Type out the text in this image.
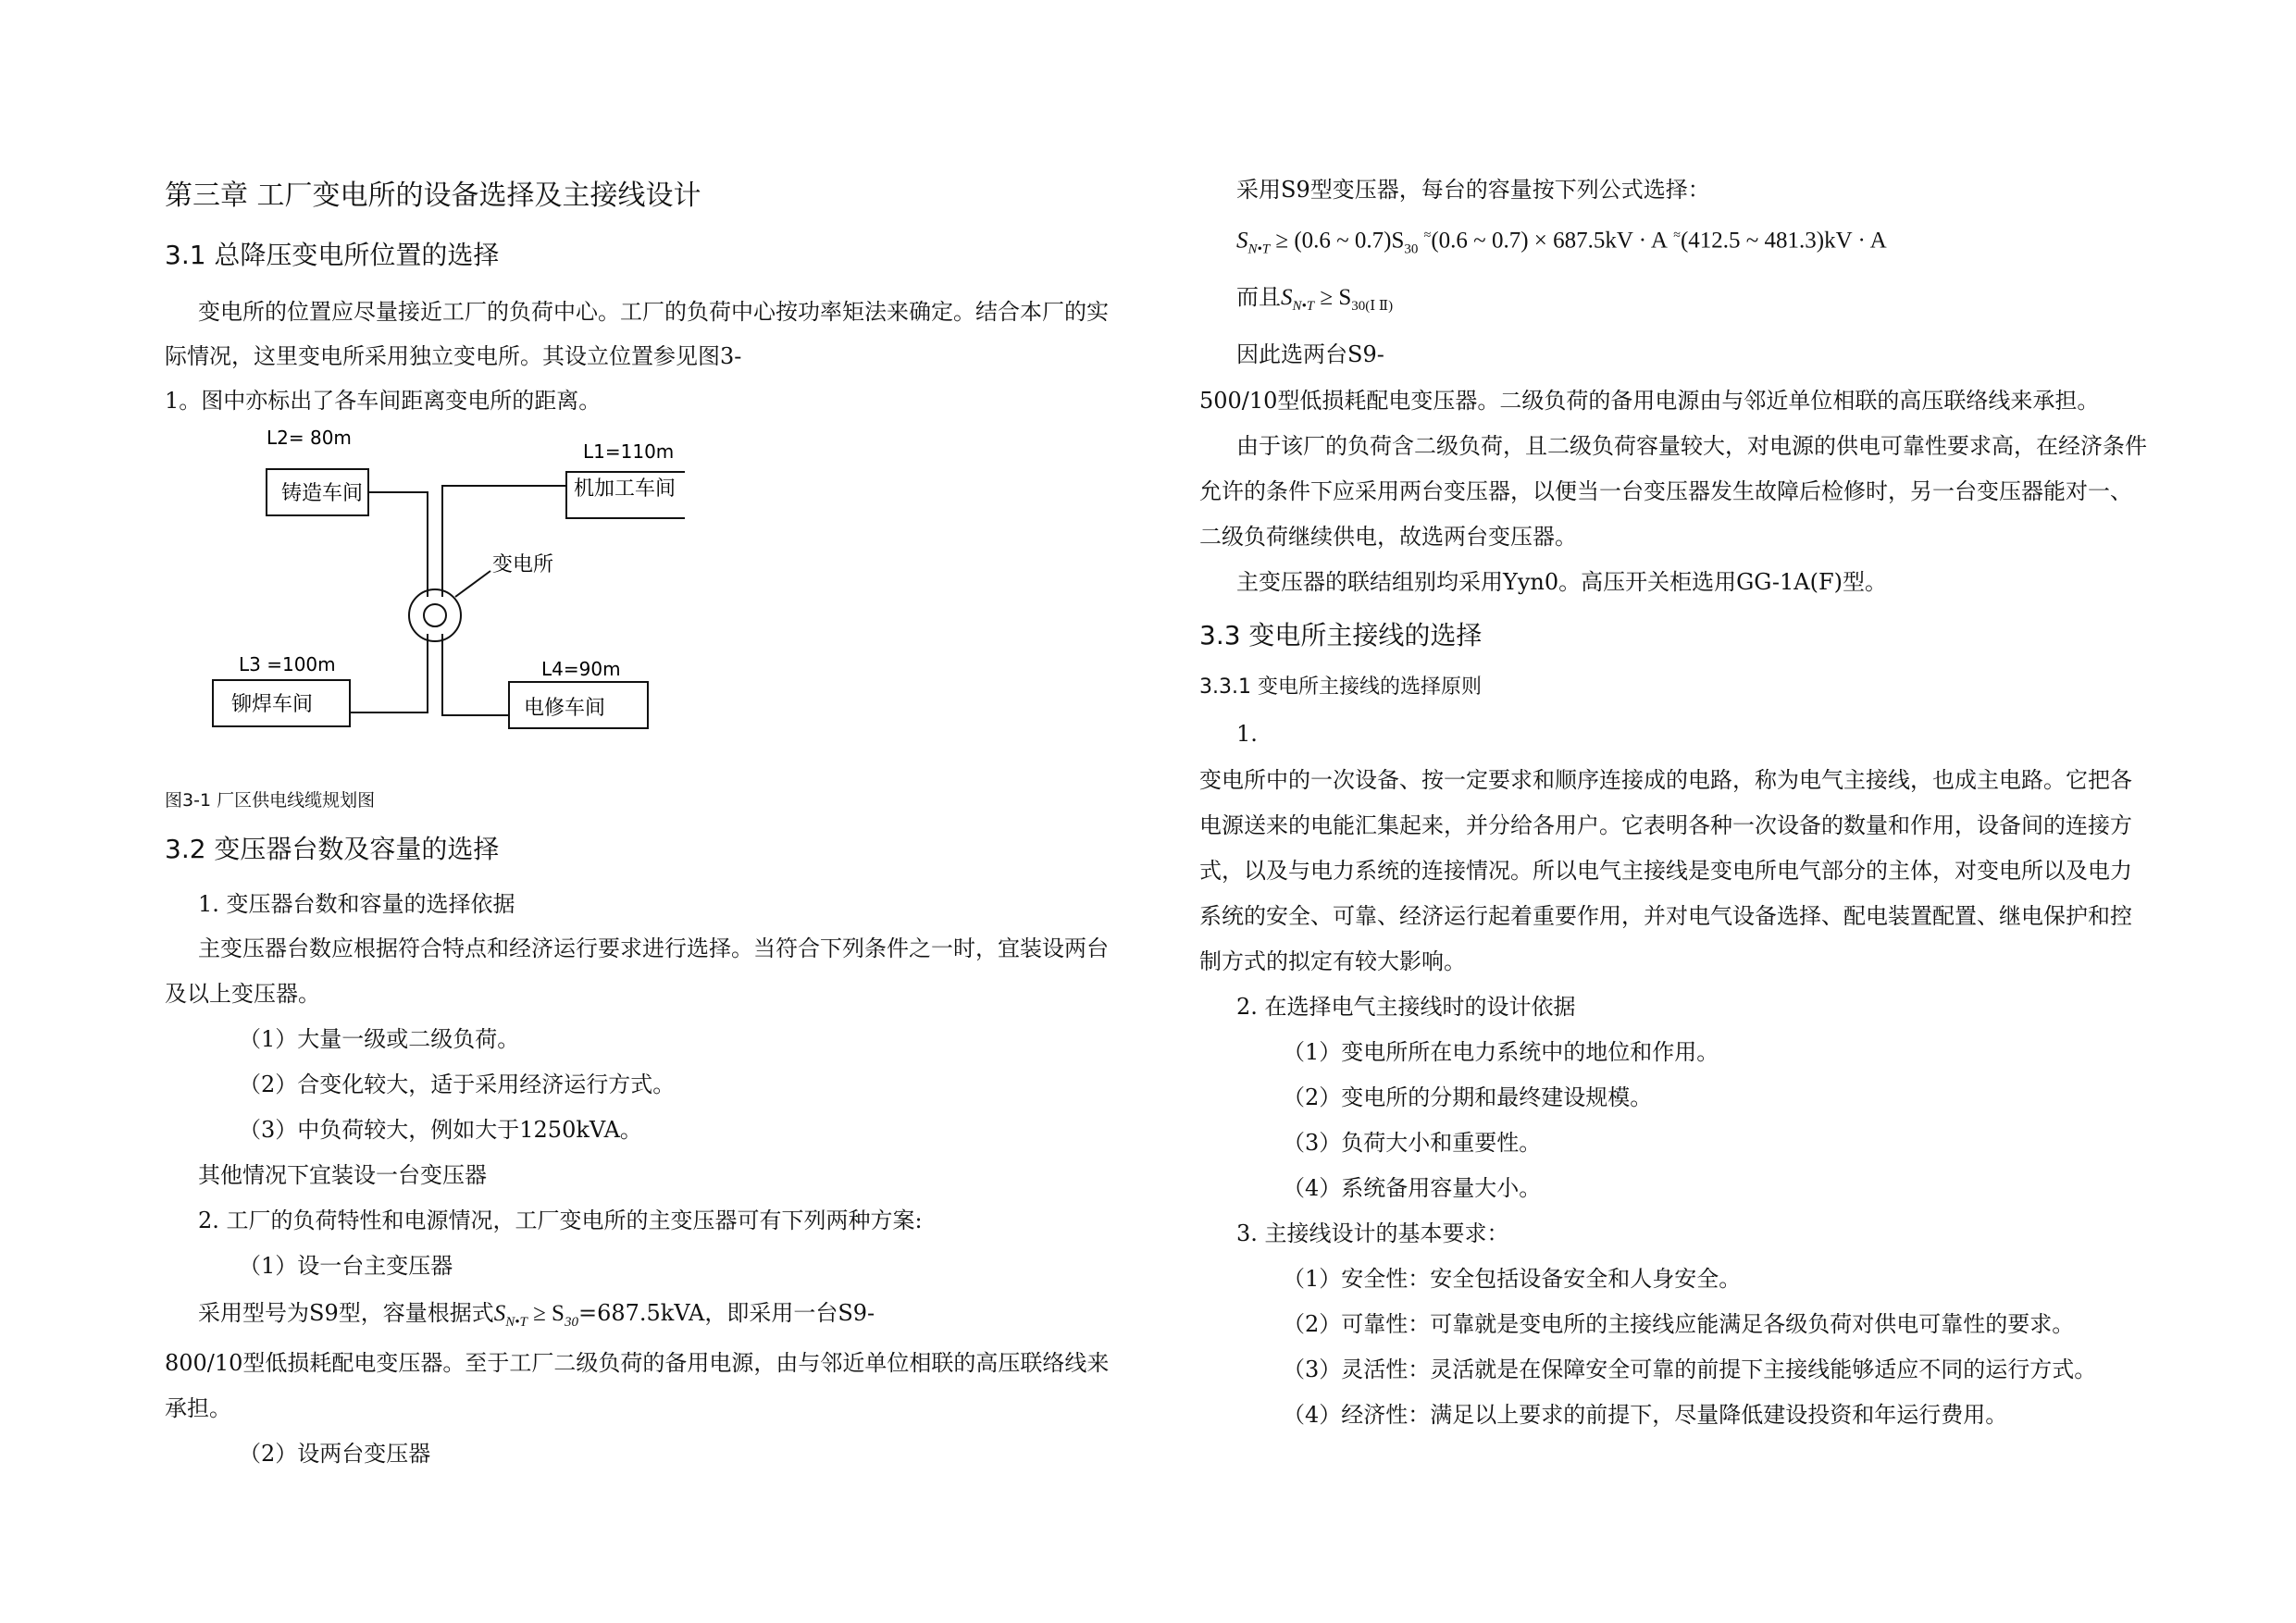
第三章 工厂变电所的设备选择及主接线设计
3.1 总降压变电所位置的选择
变电所的位置应尽量接近工厂的负荷中心。工厂的负荷中心按功率矩法来确定。结合本厂的实
际情况，这里变电所采用独立变电所。其设立位置参见图3-
1。图中亦标出了各车间距离变电所的距离。
L2= 80m
铸造车间
L1=110m
机加工车间
L3 =100m
铆焊车间
L4=90m
电修车间
变电所
图3-1 厂区供电线缆规划图
3.2 变压器台数及容量的选择
1. 变压器台数和容量的选择依据
主变压器台数应根据符合特点和经济运行要求进行选择。当符合下列条件之一时，宜装设两台
及以上变压器。
（1）大量一级或二级负荷。
（2）合变化较大，适于采用经济运行方式。
（3）中负荷较大，例如大于1250kVA。
其他情况下宜装设一台变压器
2. 工厂的负荷特性和电源情况，工厂变电所的主变压器可有下列两种方案:
（1）设一台主变压器
采用型号为S9型，容量根据式$S_{N•T} \ge S_{30}=687.5kVA$，即采用一台S9-
800/10型低损耗配电变压器。至于工厂二级负荷的备用电源，由与邻近单位相联的高压联络线来
承担。
（2）设两台变压器
采用S9型变压器，每台的容量按下列公式选择：
$S_{N•T} \ge (0.6$ ~ $0.7)S_{30}$ ≈(0.6 ~ 0.7) × 687.5kV · A ≈(412.5 ~ 481.3)kV · A
而且$S_{N•T} \ge S_{30(Ⅰ Ⅱ)}$
因此选两台S9-
500/10型低损耗配电变压器。二级负荷的备用电源由与邻近单位相联的高压联络线来承担。
由于该厂的负荷含二级负荷，且二级负荷容量较大，对电源的供电可靠性要求高，在经济条件
允许的条件下应采用两台变压器，以便当一台变压器发生故障后检修时，另一台变压器能对一、
二级负荷继续供电，故选两台变压器。
主变压器的联结组别均采用Yyn0。高压开关柜选用GG-1A(F)型。
3.3 变电所主接线的选择
3.3.1 变电所主接线的选择原则
1.
变电所中的一次设备、按一定要求和顺序连接成的电路，称为电气主接线，也成主电路。它把各
电源送来的电能汇集起来，并分给各用户。它表明各种一次设备的数量和作用，设备间的连接方
式，以及与电力系统的连接情况。所以电气主接线是变电所电气部分的主体，对变电所以及电力
系统的安全、可靠、经济运行起着重要作用，并对电气设备选择、配电装置配置、继电保护和控
制方式的拟定有较大影响。
2. 在选择电气主接线时的设计依据
（1）变电所所在电力系统中的地位和作用。
（2）变电所的分期和最终建设规模。
（3）负荷大小和重要性。
（4）系统备用容量大小。
3. 主接线设计的基本要求：
（1）安全性：安全包括设备安全和人身安全。
（2）可靠性：可靠就是变电所的主接线应能满足各级负荷对供电可靠性的要求。
（3）灵活性：灵活就是在保障安全可靠的前提下主接线能够适应不同的运行方式。
（4）经济性：满足以上要求的前提下，尽量降低建设投资和年运行费用。
